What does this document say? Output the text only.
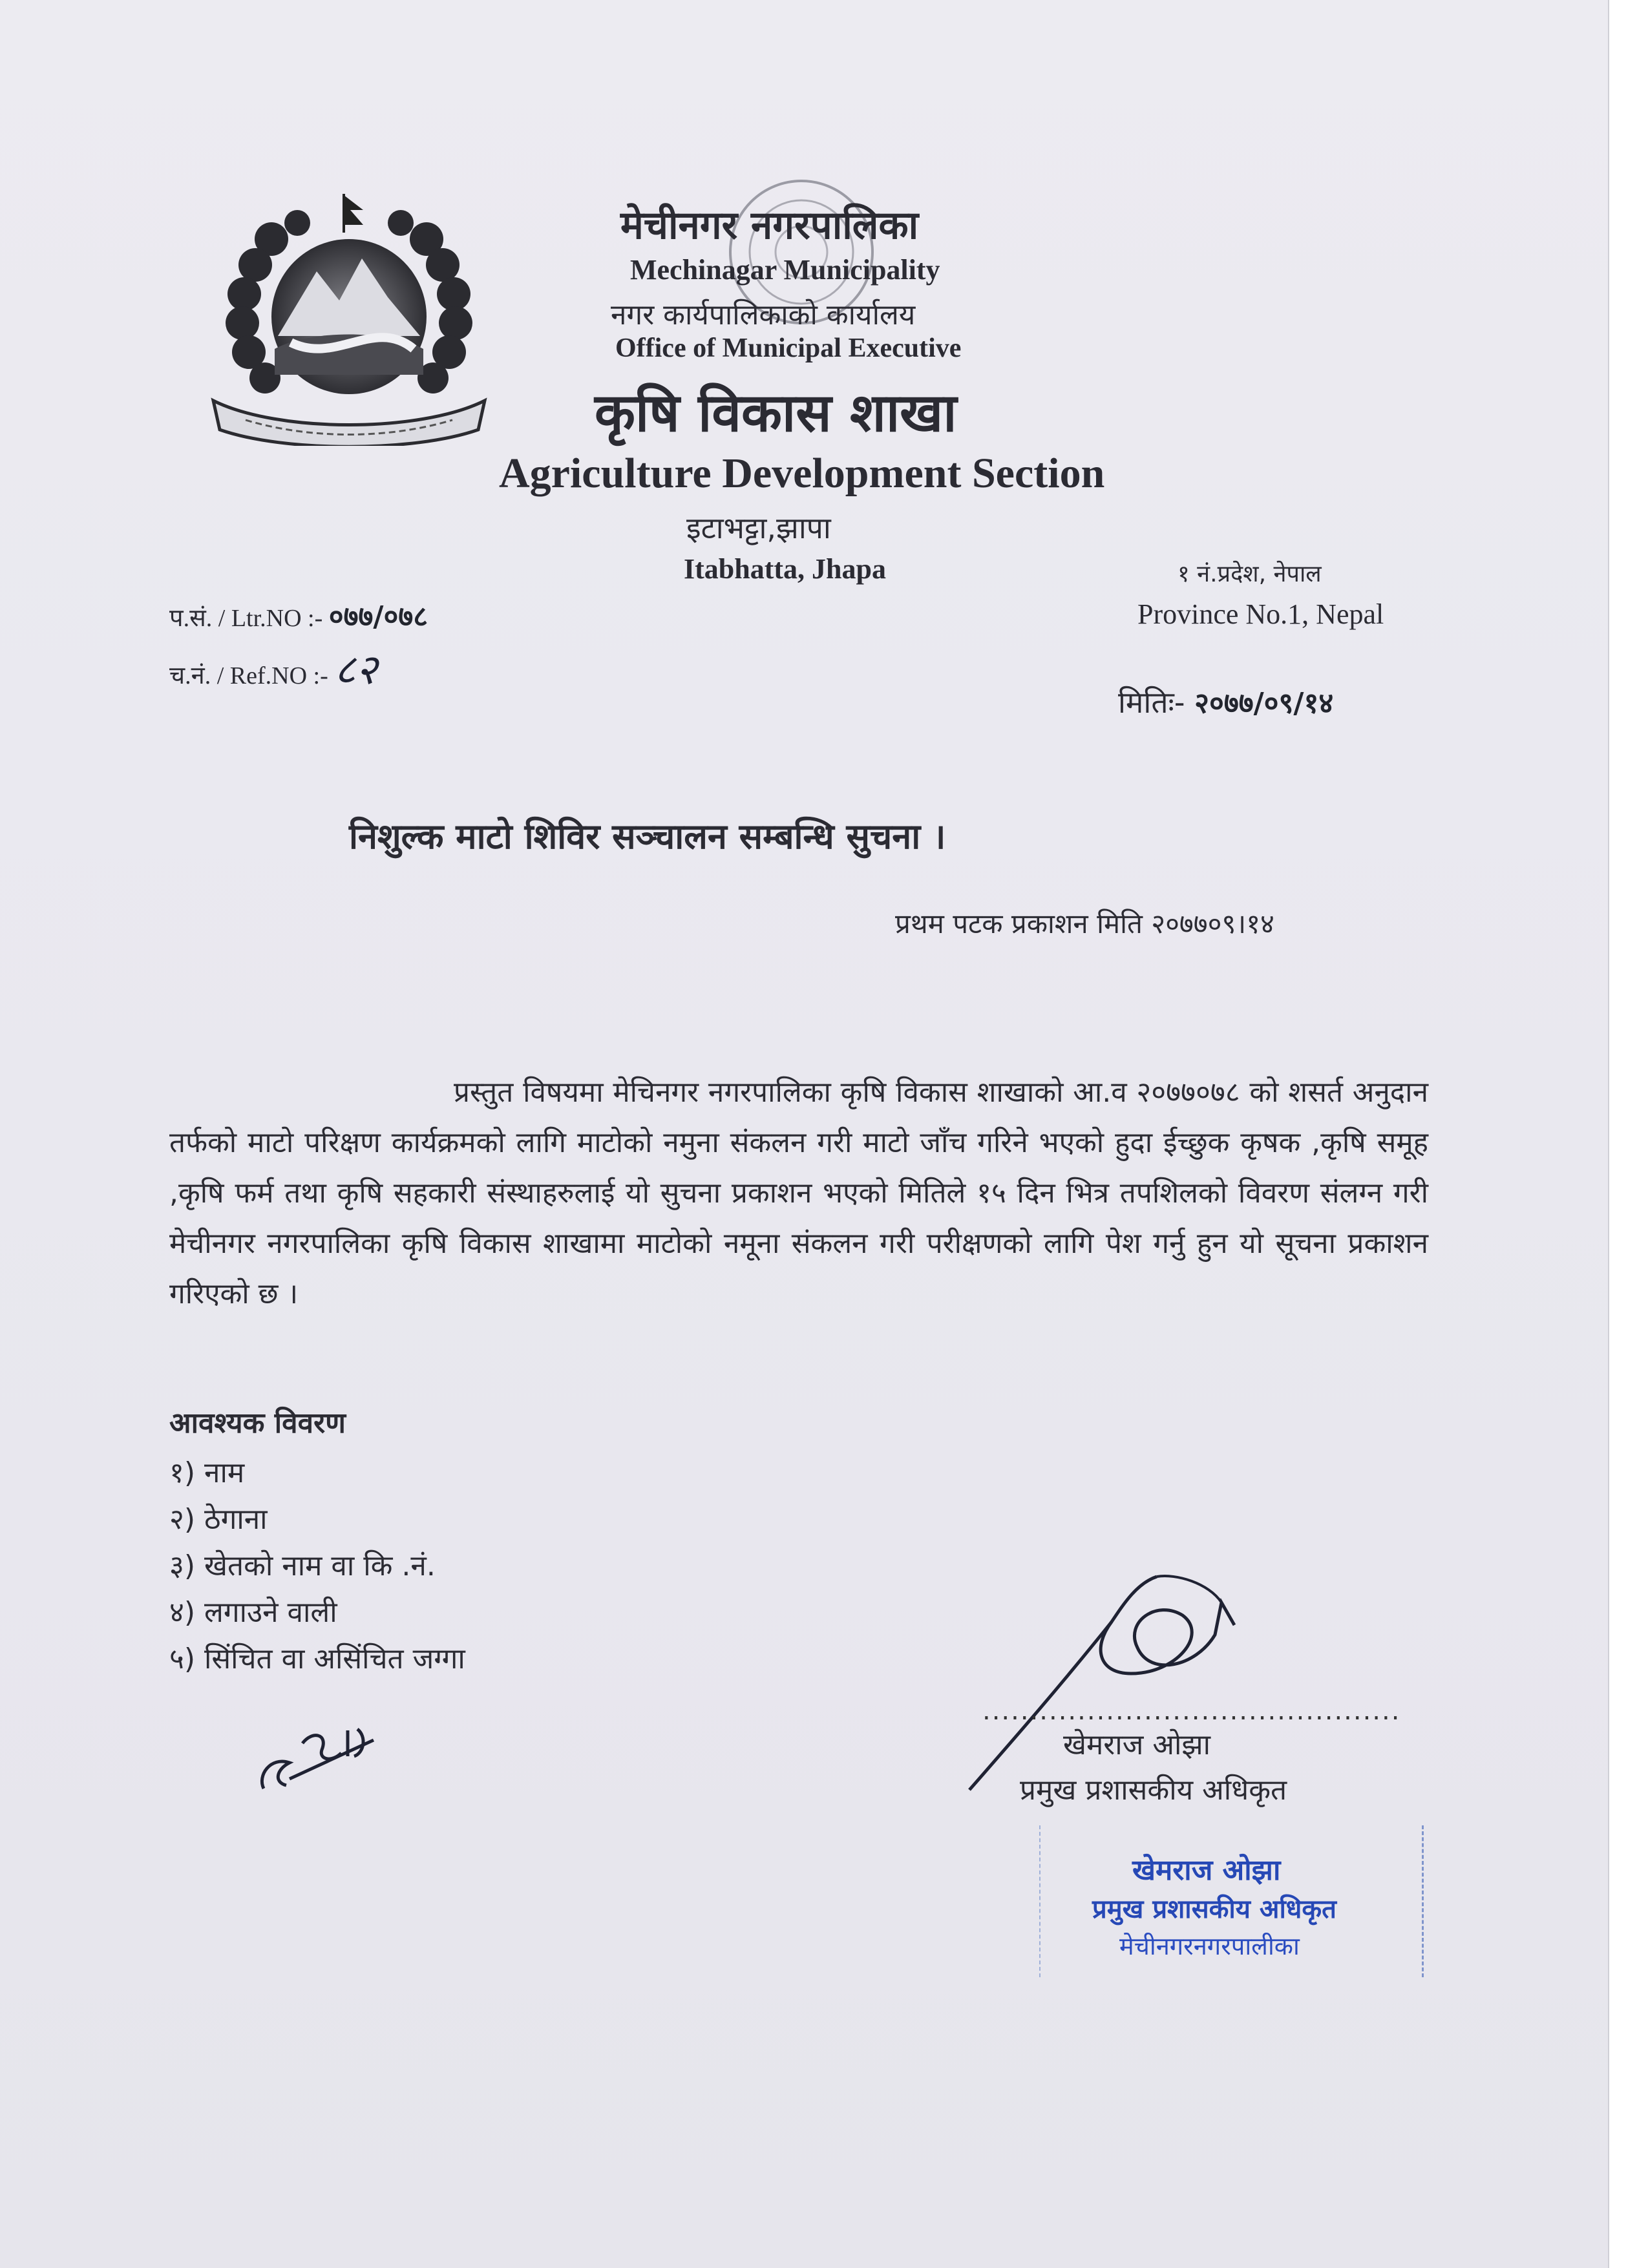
मेचीनगर नगरपालिका
Mechinagar Municipality
नगर कार्यपालिकाको कार्यालय
Office of Municipal Executive
कृषि विकास शाखा
Agriculture Development Section
इटाभट्टा,झापा
Itabhatta, Jhapa	१ नं.प्रदेश, नेपाल
Province No.1, Nepal
प.सं. / Ltr.NO :- ०७७/०७८
च.नं. / Ref.NO :- ८२
मितिः- २०७७/०९/१४
निशुल्क माटो शिविर सञ्चालन सम्बन्धि सुचना ।
प्रथम पटक प्रकाशन मिति २०७७०९।१४
प्रस्तुत विषयमा मेचिनगर नगरपालिका कृषि विकास शाखाको आ.व २०७७०७८ को शसर्त अनुदान तर्फको माटो परिक्षण कार्यक्रमको लागि माटोको नमुना संकलन गरी माटो जाँच गरिने भएको हुदा ईच्छुक कृषक ,कृषि समूह ,कृषि फर्म तथा कृषि सहकारी संस्थाहरुलाई यो सुचना प्रकाशन भएको मितिले १५ दिन भित्र तपशिलको विवरण संलग्न गरी मेचीनगर नगरपालिका कृषि विकास शाखामा माटोको नमूना संकलन गरी परीक्षणको लागि पेश गर्नु हुन यो सूचना प्रकाशन गरिएको छ ।
आवश्यक विवरण
१) नाम
२) ठेगाना
३) खेतको नाम वा कि .नं.
४) लगाउने वाली
५) सिंचित वा असिंचित जग्गा
............................................
खेमराज ओझा
प्रमुख प्रशासकीय अधिकृत
खेमराज ओझा
प्रमुख प्रशासकीय अधिकृत
मेचीनगरनगरपालीका
